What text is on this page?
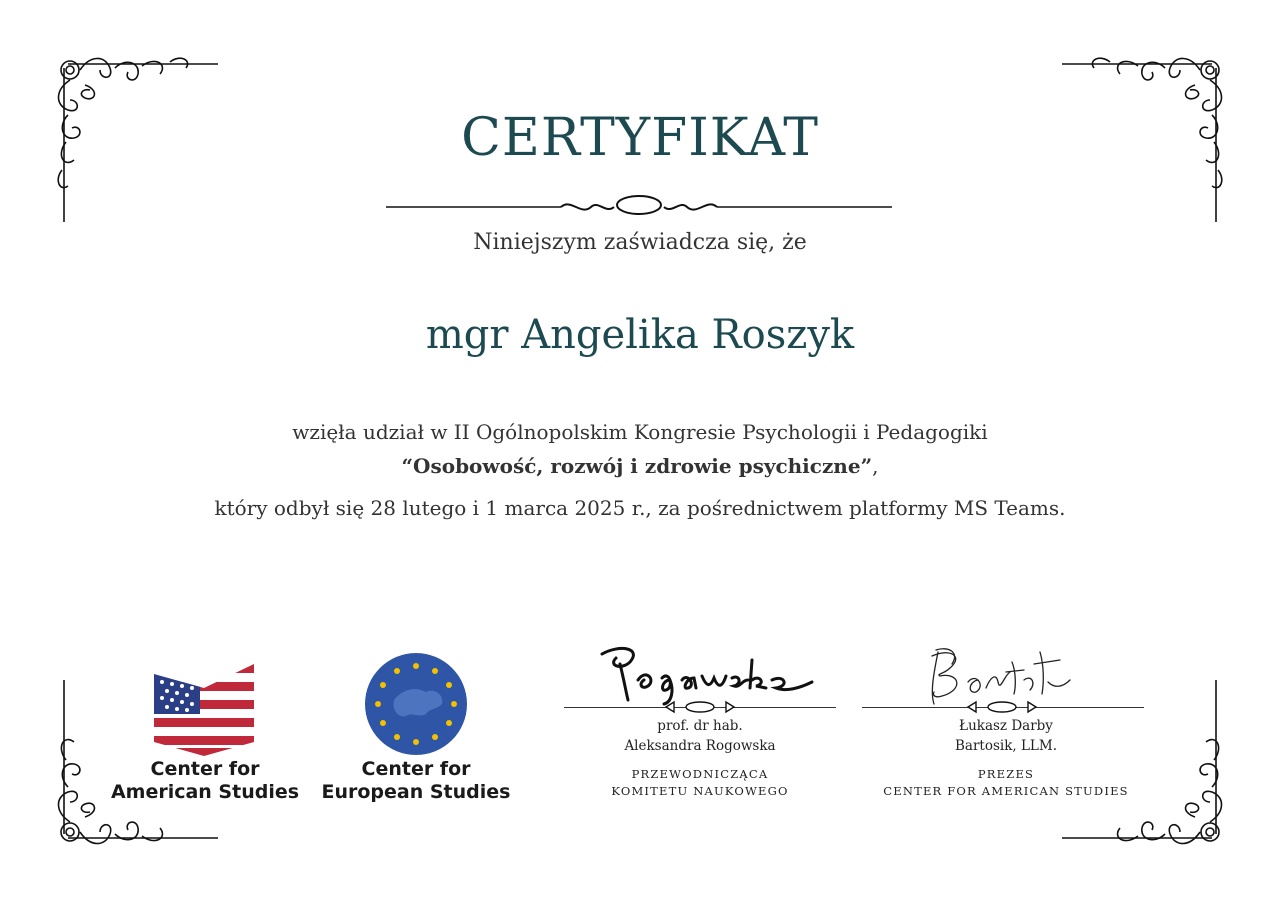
CERTYFIKAT
Niniejszym zaświadcza się, że
mgr Angelika Roszyk
wzięła udział w II Ogólnopolskim Kongresie Psychologii i Pedagogiki
“Osobowość, rozwój i zdrowie psychiczne”,
który odbył się 28 lutego i 1 marca 2025 r., za pośrednictwem platformy MS Teams.
Center for
American Studies
Center for
European Studies
prof. dr hab.
Aleksandra Rogowska
PRZEWODNICZĄCA
KOMITETU NAUKOWEGO
Łukasz Darby
Bartosik, LLM.
PREZES
CENTER FOR AMERICAN STUDIES
